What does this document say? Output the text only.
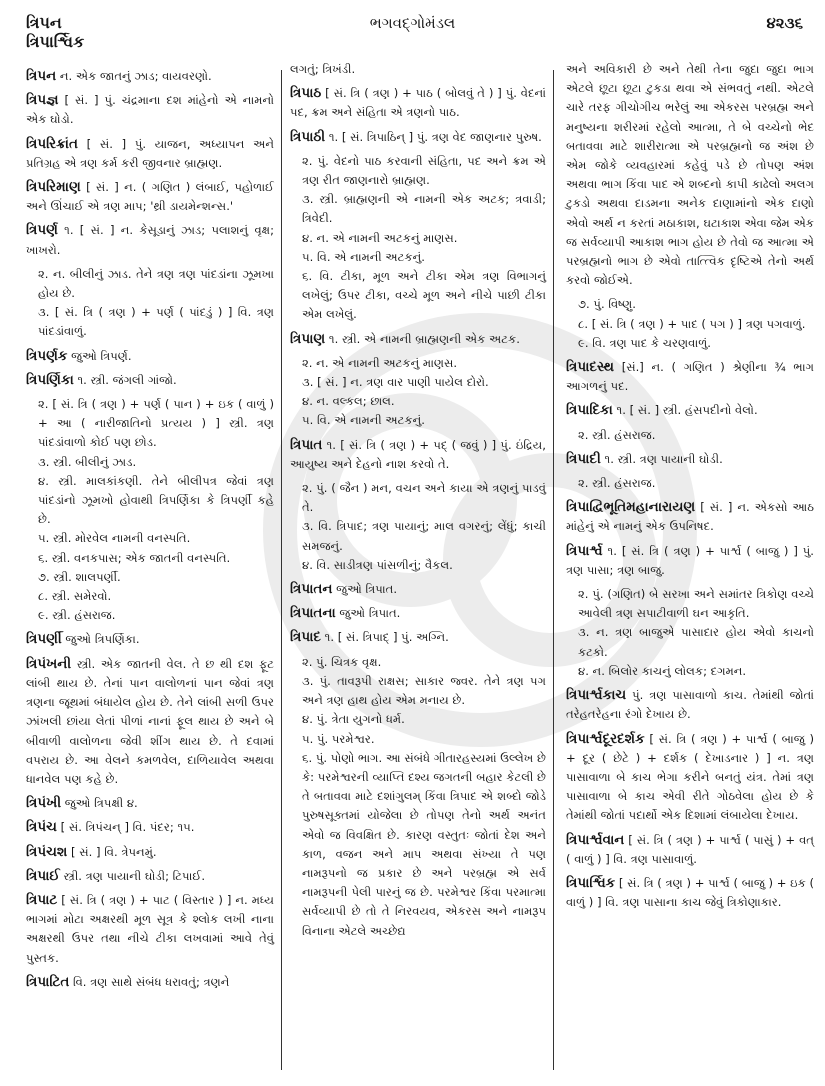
ત્રિપન
ત્રિપાર્શ્વિક
ભગવદ્ગોમંડલ	૪૨૩૬
ત્રિપન ન. એક જાતનું ઝાડ; વાયવરણો.
ત્રિપજ્ઞ [ સં. ] પું. ચંદ્રમાના દશ માંહેનો એ નામનો એક ઘોડો.
ત્રિપરિક્રાંત [ સં. ] પું. યાજન, અધ્યાપન અને પ્રતિગ્રહ એ ત્રણ કર્મ કરી જીવનાર બ્રાહ્મણ.
ત્રિપરિમાણ [ સં. ] ન. ( ગણિત ) લંબાઈ, પહોળાઈ અને ઊંચાઈ એ ત્રણ માપ; 'થ્રી ડાયમેન્શન્સ.'
ત્રિપર્ણ ૧. [ સં. ] ન. કેસૂડાનું ઝાડ; પલાશનું વૃક્ષ; ખાખરો.
૨. ન. બીલીનું ઝાડ. તેને ત્રણ ત્રણ પાંદડાંના ઝૂમખા હોય છે.
૩. [ સં. ત્રિ ( ત્રણ ) + પર્ણ ( પાંદડું ) ] વિ. ત્રણ પાંદડાંવાળું.
ત્રિપર્ણક જુઓ ત્રિપર્ણ.
ત્રિપર્ણિકા ૧. સ્ત્રી. જંગલી ગાંજો.
૨. [ સં. ત્રિ ( ત્રણ ) + પર્ણ ( પાન ) + ઇક ( વાળું ) + આ ( નારીજાતિનો પ્રત્યય ) ] સ્ત્રી. ત્રણ પાંદડાંવાળો કોઈ પણ છોડ.
૩. સ્ત્રી. બીલીનું ઝાડ.
૪. સ્ત્રી. માલકાંકણી. તેને બીલીપત્ર જેવાં ત્રણ પાંદડાંનો ઝૂમખો હોવાથી ત્રિપર્ણિકા કે ત્રિપર્ણી કહે છે.
૫. સ્ત્રી. મોરવેલ નામની વનસ્પતિ.
૬. સ્ત્રી. વનકપાસ; એક જાતની વનસ્પતિ.
૭. સ્ત્રી. શાલપર્ણી.
૮. સ્ત્રી. સમેરવો.
૯. સ્ત્રી. હંસરાજ.
ત્રિપર્ણી જુઓ ત્રિપર્ણિકા.
ત્રિપંખની સ્ત્રી. એક જાતની વેલ. તે છ થી દશ ફૂટ લાંબી થાય છે. તેનાં પાન વાલોળનાં પાન જેવાં ત્રણ ત્રણના જૂથમાં બંધાયેલ હોય છે. તેને લાંબી સળી ઉપર ઝાંખલી છાંયા લેતાં પીળાં નાનાં ફૂલ થાય છે અને બે બીવાળી વાલોળના જેવી શીંગ થાય છે. તે દવામાં વપરાય છે. આ વેલને કમળવેલ, દાળિયાવેલ અથવા ધાનવેલ પણ કહે છે.
ત્રિપંખી જુઓ ત્રિપક્ષી ૪.
ત્રિપંચ [ સં. ત્રિપંચન્ ] વિ. પંદર; ૧૫.
ત્રિપંચશ [ સં. ] વિ. ત્રેપનમું.
ત્રિપાઈ સ્ત્રી. ત્રણ પાયાની ઘોડી; ટિપાઈ.
ત્રિપાટ [ સં. ત્રિ ( ત્રણ ) + પાટ ( વિસ્તાર ) ] ન. મધ્ય ભાગમાં મોટા અક્ષરથી મૂળ સૂત્ર કે શ્લોક લખી નાના અક્ષરથી ઉપર તથા નીચે ટીકા લખવામાં આવે તેવું પુસ્તક.
ત્રિપાટિત વિ. ત્રણ સાથે સંબંધ ધરાવતું; ત્રણને
લગતું; ત્રિખંડી.
ત્રિપાઠ [ સં. ત્રિ ( ત્રણ ) + પાઠ ( બોલવું તે ) ] પું. વેદનાં પદ, ક્રમ અને સંહિતા એ ત્રણનો પાઠ.
ત્રિપાઠી ૧. [ સં. ત્રિપાઠિન્ ] પું. ત્રણ વેદ જાણનાર પુરુષ.
૨. પું. વેદનો પાઠ કરવાની સંહિતા, પદ અને ક્રમ એ ત્રણ રીત જાણનારો બ્રાહ્મણ.
૩. સ્ત્રી. બ્રાહ્મણની એ નામની એક અટક; ત્રવાડી; ત્રિવેદી.
૪. ન. એ નામની અટકનું માણસ.
૫. વિ. એ નામની અટકનું.
૬. વિ. ટીકા, મૂળ અને ટીકા એમ ત્રણ વિભાગનું લખેલું; ઉપર ટીકા, વચ્ચે મૂળ અને નીચે પાછી ટીકા એમ લખેલું.
ત્રિપાણ ૧. સ્ત્રી. એ નામની બ્રાહ્મણની એક અટક.
૨. ન. એ નામની અટકનું માણસ.
૩. [ સં. ] ન. ત્રણ વાર પાણી પાયેલ દોરો.
૪. ન. વલ્કલ; છાલ.
૫. વિ. એ નામની અટકનું.
ત્રિપાત ૧. [ સં. ત્રિ ( ત્રણ ) + પદ્ ( જવું ) ] પું. ઇંદ્રિય, આયુષ્ય અને દેહનો નાશ કરવો તે.
૨. પું. ( જૈન ) મન, વચન અને કાયા એ ત્રણનું પાડવું તે.
૩. વિ. ત્રિપાદ; ત્રણ પાયાનું; માલ વગરનું; લેંધું; કાચી સમજનું.
૪. વિ. સાડીત્રણ પાંસળીનું; વૈકલ.
ત્રિપાતન જુઓ ત્રિપાત.
ત્રિપાતના જુઓ ત્રિપાત.
ત્રિપાદ ૧. [ સં. ત્રિપાદ્ ] પું. અગ્નિ.
૨. પું. ચિત્રક વૃક્ષ.
૩. પું. તાવરૂપી રાક્ષસ; સાકાર જ્વર. તેને ત્રણ પગ અને ત્રણ હાથ હોય એમ મનાય છે.
૪. પું. ત્રેતા યુગનો ધર્મ.
૫. પું. પરમેશ્વર.
૬. પું. પોણો ભાગ. આ સંબંધે ગીતારહસ્યમાં ઉલ્લેખ છે કે: પરમેશ્વરની વ્યાપ્તિ દશ્ય જગતની બહાર કેટલી છે તે બતાવવા માટે દશાંગુલમ્ કિંવા ત્રિપાદ એ શબ્દો જોડે પુરુષસૂક્તમાં યોજેલા છે તોપણ તેનો અર્થ અનંત એવો જ વિવક્ષિત છે. કારણ વસ્તુતઃ જોતાં દેશ અને કાળ, વજન અને માપ અથવા સંખ્યા તે પણ નામરૂપનો જ પ્રકાર છે અને પરબ્રહ્મ એ સર્વ નામરૂપની પેલી પારનું જ છે. પરમેશ્વર કિંવા પરમાત્મા સર્વવ્યાપી છે તો તે નિરવયવ, એકરસ અને નામરૂપ વિનાના એટલે અચ્છેદ્ય
અને અવિકારી છે અને તેથી તેના જુદા જુદા ભાગ એટલે છૂટા છૂટા ટુકડા થવા એ સંભવતું નથી. એટલે ચારે તરફ ગીચોગીચ ભરેલું આ એકરસ પરબ્રહ્મ અને મનુષ્યના શરીરમાં રહેલો આત્મા, તે બે વચ્ચેનો ભેદ બતાવવા માટે શારીરાત્મા એ પરબ્રહ્મનો જ અંશ છે એમ જોકે વ્યવહારમાં કહેવું પડે છે તોપણ અંશ અથવા ભાગ કિંવા પાદ એ શબ્દનો કાપી કાઢેલો અલગ ટુકડો અથવા દાડમના અનેક દાણામાંનો એક દાણો એવો અર્થ ન કરતાં મઠાકાશ, ઘટાકાશ એવા જેમ એક જ સર્વવ્યાપી આકાશ ભાગ હોય છે તેવો જ આત્મા એ પરબ્રહ્મનો ભાગ છે એવો તાત્ત્વિક દૃષ્ટિએ તેનો અર્થ કરવો જોઈએ.
૭. પું. વિષ્ણુ.
૮. [ સં. ત્રિ ( ત્રણ ) + પાદ ( પગ ) ] ત્રણ પગવાળું.
૯. વિ. ત્રણ પાદ કે ચરણવાળું.
ત્રિપાદસ્થ [સં.] ન. ( ગણિત ) શ્રેણીના ¾ ભાગ આગળનું પદ.
ત્રિપાદિકા ૧. [ સં. ] સ્ત્રી. હંસપદીનો વેલો.
૨. સ્ત્રી. હંસરાજ.
ત્રિપાદી ૧. સ્ત્રી. ત્રણ પાયાની ઘોડી.
૨. સ્ત્રી. હંસરાજ.
ત્રિપાદ્વિભૂતિમહાનારાયણ [ સં. ] ન. એકસો આઠ માંહેનું એ નામનું એક ઉપનિષદ.
ત્રિપાર્શ્વ ૧. [ સં. ત્રિ ( ત્રણ ) + પાર્શ્વ ( બાજુ ) ] પું. ત્રણ પાસા; ત્રણ બાજુ.
૨. પું. (ગણિત) બે સરખા અને સમાંતર ત્રિકોણ વચ્ચે આવેલી ત્રણ સપાટીવાળી ઘન આકૃતિ.
૩. ન. ત્રણ બાજુએ પાસાદાર હોય એવો કાચનો કટકો.
૪. ન. બિલોર કાચનું લોલક; દગમન.
ત્રિપાર્શ્વકાચ પું. ત્રણ પાસાવાળો કાચ. તેમાંથી જોતાં તરેહતરેહના રંગો દેખાય છે.
ત્રિપાર્શ્વદૂરદર્શક [ સં. ત્રિ ( ત્રણ ) + પાર્શ્વ ( બાજુ ) + દૂર ( છેટે ) + દર્શક ( દેખાડનાર ) ] ન. ત્રણ પાસાવાળા બે કાચ ભેગા કરીને બનતું યંત્ર. તેમાં ત્રણ પાસાવાળા બે કાચ એવી રીતે ગોઠવેલા હોય છે કે તેમાંથી જોતાં પદાર્થો એક દિશામાં લંબાયેલા દેખાય.
ત્રિપાર્શ્વવાન [ સં. ત્રિ ( ત્રણ ) + પાર્શ્વ ( પાસું ) + વત્ ( વાળું ) ] વિ. ત્રણ પાસાવાળું.
ત્રિપાર્શ્વિક [ સં. ત્રિ ( ત્રણ ) + પાર્શ્વ ( બાજુ ) + ઇક ( વાળું ) ] વિ. ત્રણ પાસાના કાચ જેવું ત્રિકોણાકાર.
